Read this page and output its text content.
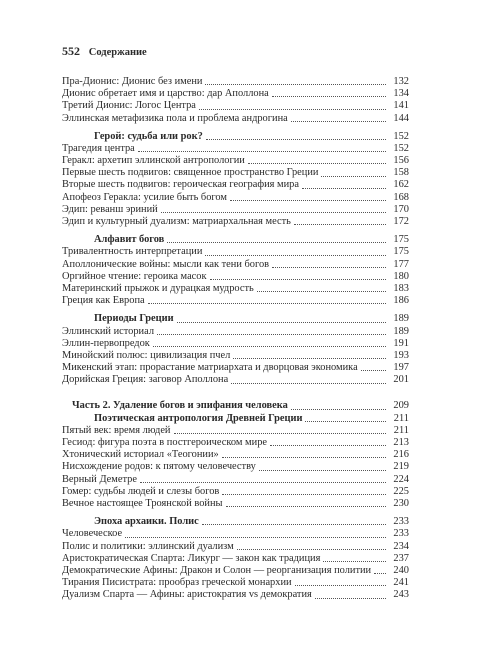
552 Содержание
Пра-Дионис: Дионис без имени	132
Дионис обретает имя и царство: дар Аполлона	134
Третий Дионис: Логос Центра	141
Эллинская метафизика пола и проблема андрогина	144
Герой: судьба или рок?	152
Трагедия центра	152
Геракл: архетип эллинской антропологии	156
Первые шесть подвигов: священное пространство Греции	158
Вторые шесть подвигов: героическая география мира	162
Апофеоз Геракла: усилие быть богом	168
Эдип: реванш эриний	170
Эдип и культурный дуализм: матриархальная месть	172
Алфавит богов	175
Тривалентность интерпретации	175
Аполлонические войны: мысли как тени богов	177
Оргийное чтение: героика масок	180
Материнский прыжок и дурацкая мудрость	183
Греция как Европа	186
Периоды Греции	189
Эллинский историал	189
Эллин-первопредок	191
Минойский полюс: цивилизация пчел	193
Микенский этап: прорастание матриархата и дворцовая экономика	197
Дорийская Греция: заговор Аполлона	201
Часть 2. Удаление богов и эпифания человека	209
Поэтическая антропология Древней Греции	211
Пятый век: время людей	211
Гесиод: фигура поэта в постгероическом мире	213
Хтонический историал «Теогонии»	216
Нисхождение родов: к пятому человечеству	219
Верный Деметре	224
Гомер: судьбы людей и слезы богов	225
Вечное настоящее Троянской войны	230
Эпоха архаики. Полис	233
Человеческое	233
Полис и политики: эллинский дуализм	234
Аристократическая Спарта: Ликург — закон как традиция	237
Демократические Афины: Дракон и Солон — реорганизация политии	240
Тирания Писистрата: прообраз греческой монархии	241
Дуализм Спарта — Афины: аристократия vs демократия	243
